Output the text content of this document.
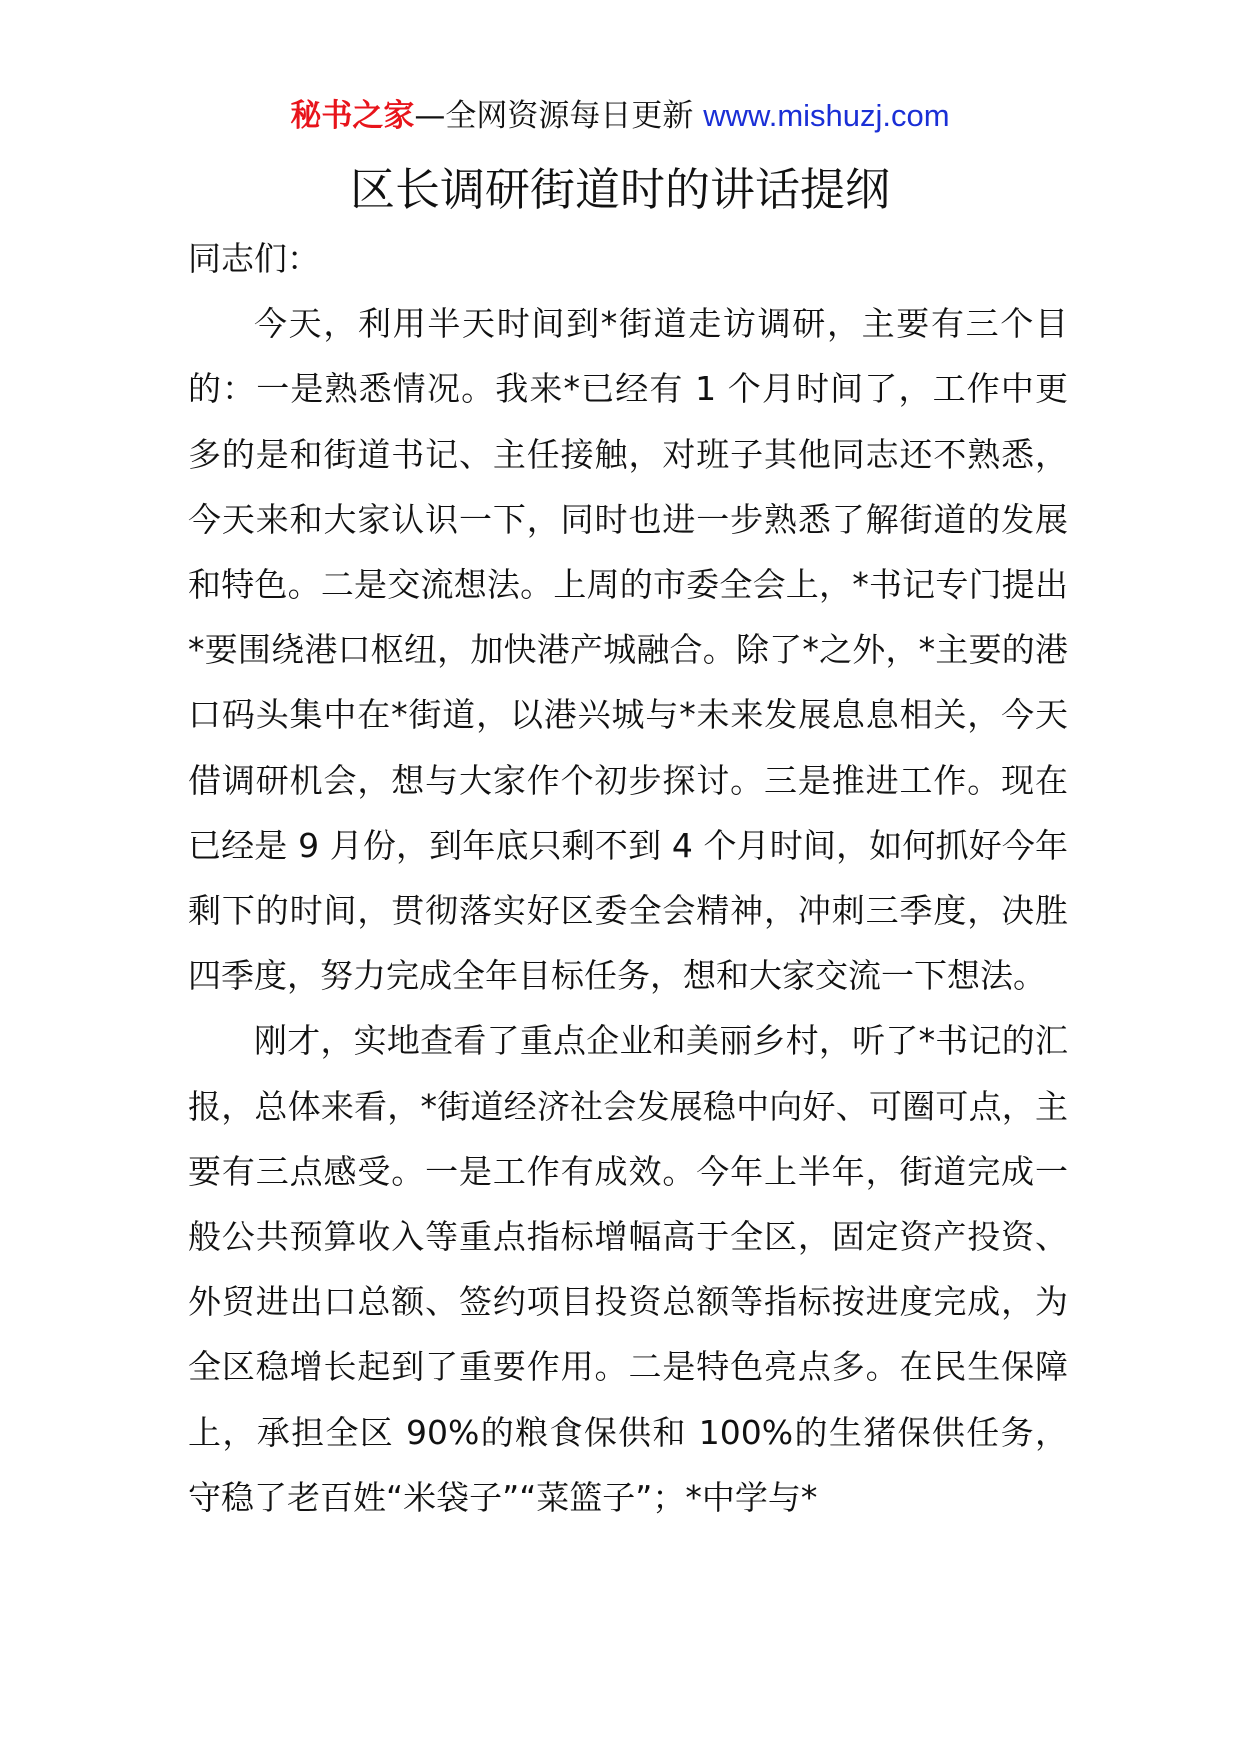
秘书之家—全网资源每日更新 www.mishuzj.com
区长调研街道时的讲话提纲

同志们：

今天，利用半天时间到*街道走访调研，主要有三个目的：一是熟悉情况。我来*已经有 1 个月时间了，工作中更多的是和街道书记、主任接触，对班子其他同志还不熟悉，今天来和大家认识一下，同时也进一步熟悉了解街道的发展和特色。二是交流想法。上周的市委全会上，*书记专门提出*要围绕港口枢纽，加快港产城融合。除了*之外，*主要的港口码头集中在*街道，以港兴城与*未来发展息息相关，今天借调研机会，想与大家作个初步探讨。三是推进工作。现在已经是 9 月份，到年底只剩不到 4 个月时间，如何抓好今年剩下的时间，贯彻落实好区委全会精神，冲刺三季度，决胜四季度，努力完成全年目标任务，想和大家交流一下想法。

刚才，实地查看了重点企业和美丽乡村，听了*书记的汇报，总体来看，*街道经济社会发展稳中向好、可圈可点，主要有三点感受。一是工作有成效。今年上半年，街道完成一般公共预算收入等重点指标增幅高于全区，固定资产投资、外贸进出口总额、签约项目投资总额等指标按进度完成，为全区稳增长起到了重要作用。二是特色亮点多。在民生保障上，承担全区 90%的粮食保供和 100%的生猪保供任务，守稳了老百姓“米袋子”“菜篮子”；*中学与*
